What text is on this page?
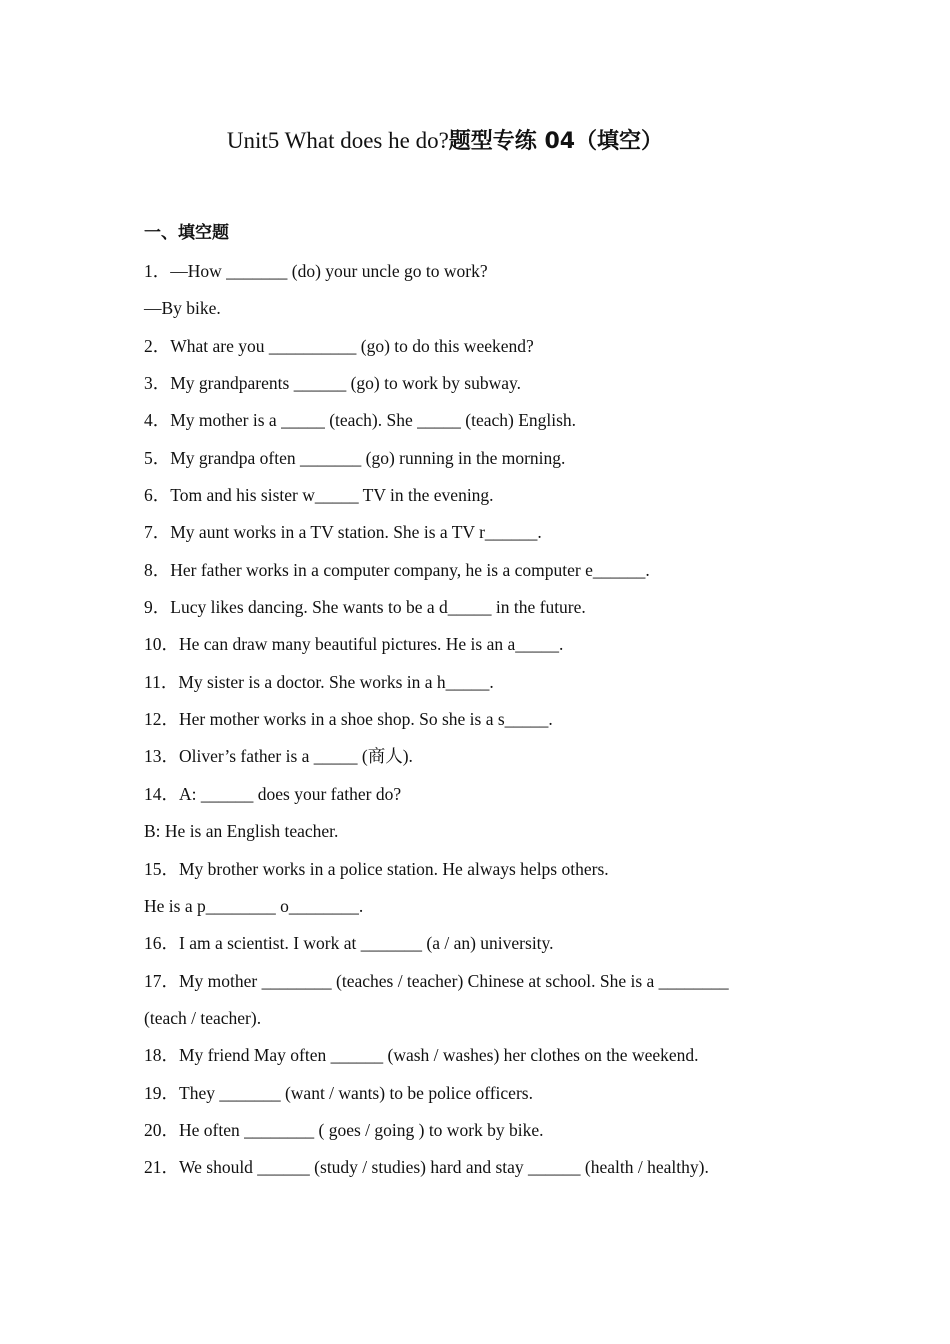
Unit5 What does he do?题型专练 04（填空）
一、填空题
1．—How _______ (do) your uncle go to work?
—By bike.
2．What are you __________ (go) to do this weekend?
3．My grandparents ______ (go) to work by subway.
4．My mother is a _____ (teach). She _____ (teach) English.
5．My grandpa often _______ (go) running in the morning.
6．Tom and his sister w_____ TV in the evening.
7．My aunt works in a TV station. She is a TV r______.
8．Her father works in a computer company, he is a computer e______.
9．Lucy likes dancing. She wants to be a d_____ in the future.
10．He can draw many beautiful pictures. He is an a_____.
11．My sister is a doctor. She works in a h_____.
12．Her mother works in a shoe shop. So she is a s_____.
13．Oliver’s father is a _____ (商人).
14．A: ______ does your father do?
B: He is an English teacher.
15．My brother works in a police station. He always helps others.
He is a p________ o________.
16．I am a scientist. I work at _______ (a / an) university.
17．My mother ________ (teaches / teacher) Chinese at school. She is a ________
(teach / teacher).
18．My friend May often ______ (wash / washes) her clothes on the weekend.
19．They _______ (want / wants) to be police officers.
20．He often ________ ( goes / going ) to work by bike.
21．We should ______ (study / studies) hard and stay ______ (health / healthy).
